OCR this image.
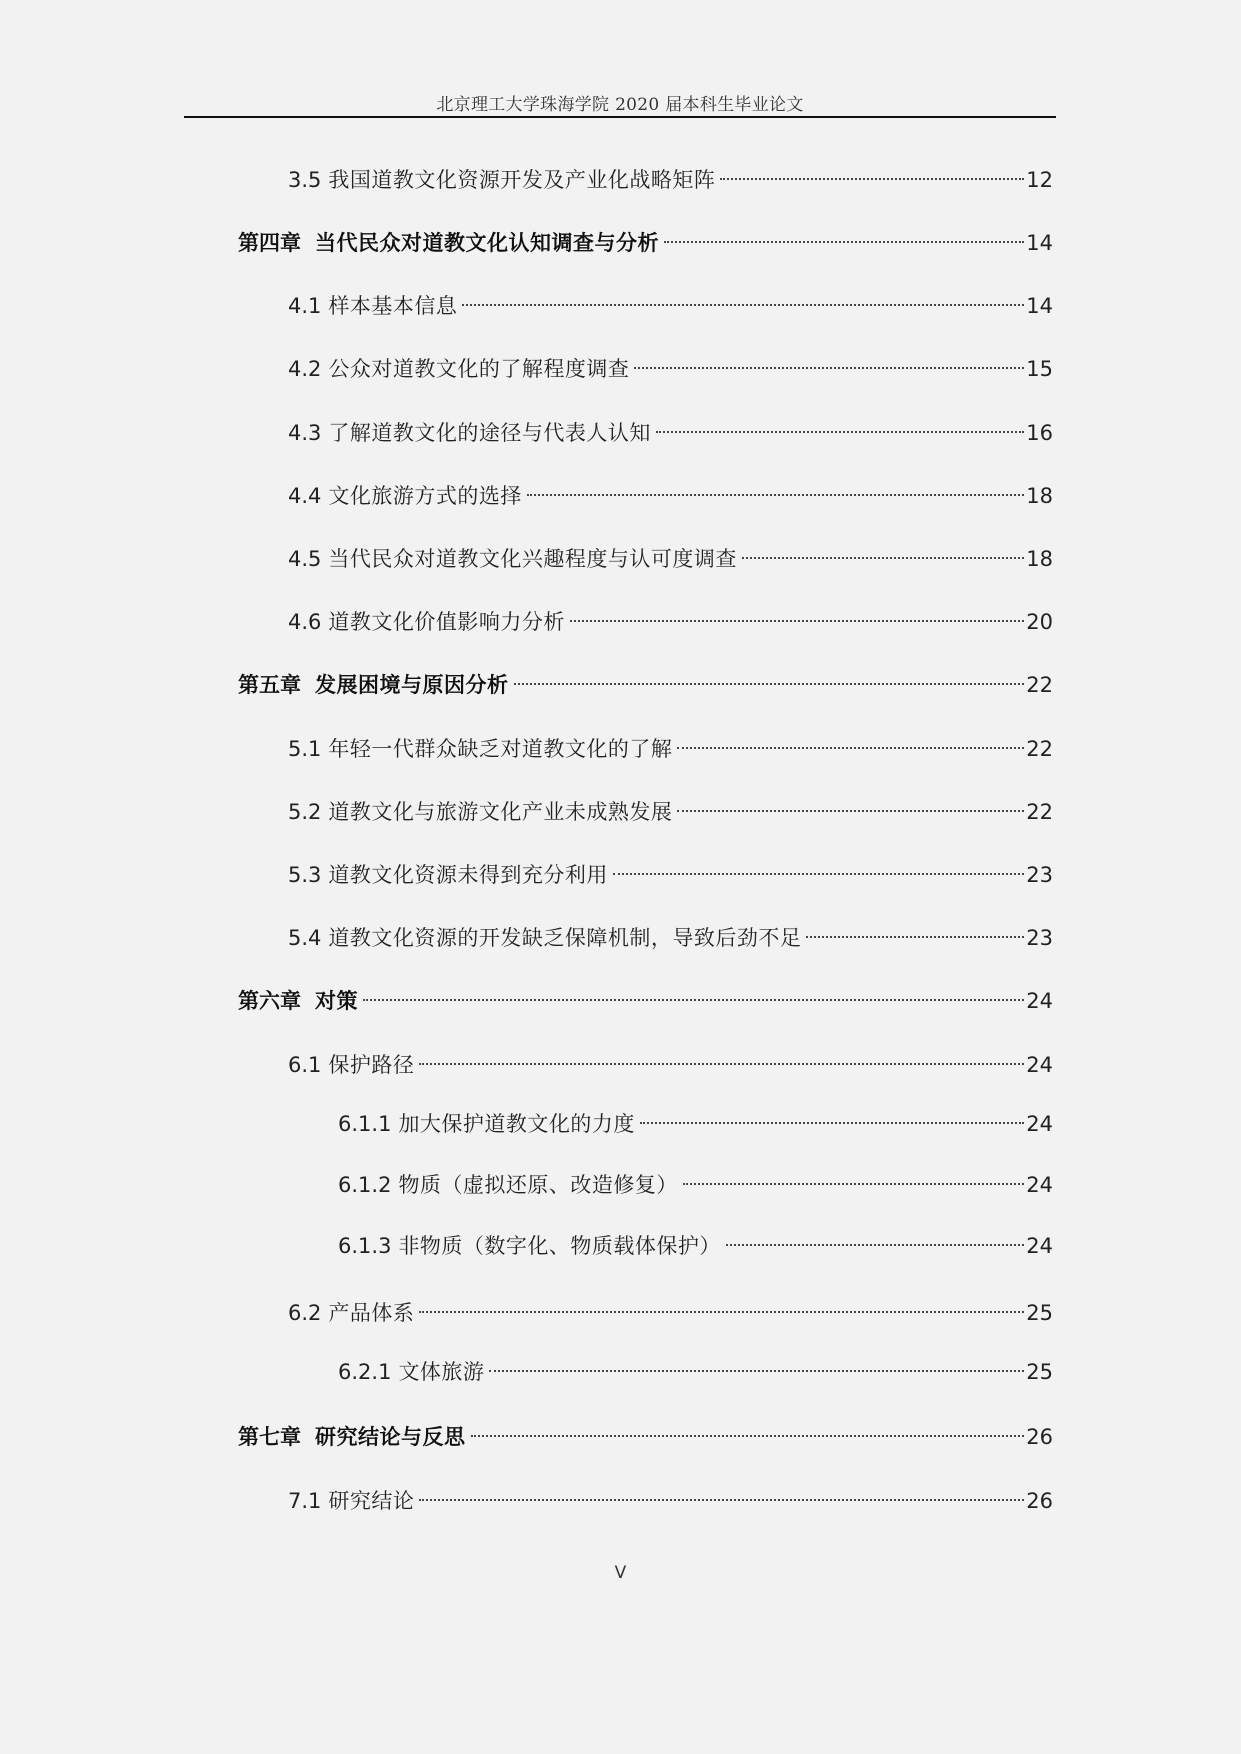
北京理工大学珠海学院 2020 届本科生毕业论文
3.5 我国道教文化资源开发及产业化战略矩阵	12
第四章 当代民众对道教文化认知调查与分析	14
4.1 样本基本信息	14
4.2 公众对道教文化的了解程度调查	15
4.3 了解道教文化的途径与代表人认知	16
4.4 文化旅游方式的选择	18
4.5 当代民众对道教文化兴趣程度与认可度调查	18
4.6 道教文化价值影响力分析	20
第五章 发展困境与原因分析	22
5.1 年轻一代群众缺乏对道教文化的了解	22
5.2 道教文化与旅游文化产业未成熟发展	22
5.3 道教文化资源未得到充分利用	23
5.4 道教文化资源的开发缺乏保障机制，导致后劲不足	23
第六章 对策	24
6.1 保护路径	24
6.1.1 加大保护道教文化的力度	24
6.1.2 物质（虚拟还原、改造修复）	24
6.1.3 非物质（数字化、物质载体保护）	24
6.2 产品体系	25
6.2.1 文体旅游	25
第七章 研究结论与反思	26
7.1 研究结论	26
V
